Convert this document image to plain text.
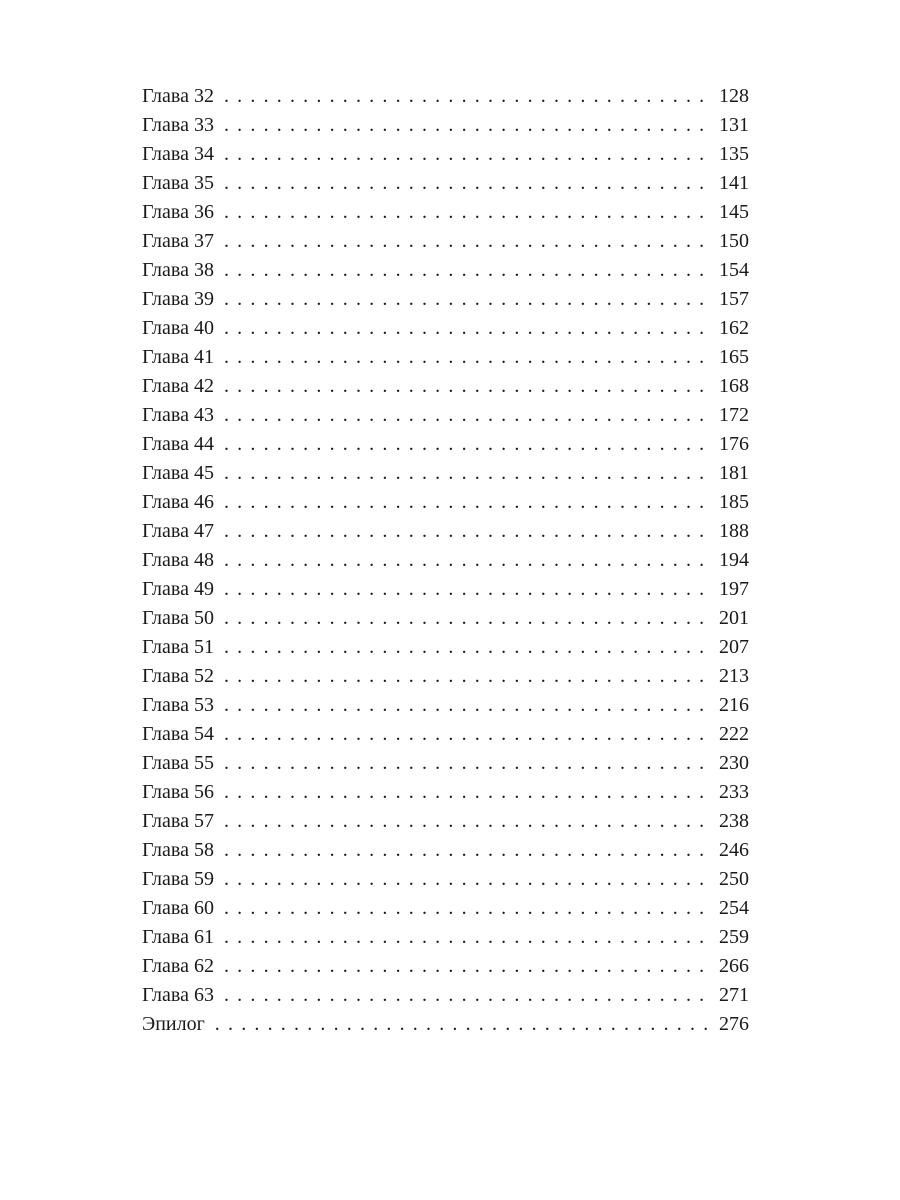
Глава 32 . . .	128
Глава 33 . . .	131
Глава 34 . . .	135
Глава 35 . . .	141
Глава 36 . . .	145
Глава 37 . . .	150
Глава 38 . . .	154
Глава 39 . . .	157
Глава 40 . . .	162
Глава 41 . . .	165
Глава 42 . . .	168
Глава 43 . . .	172
Глава 44 . . .	176
Глава 45 . . .	181
Глава 46 . . .	185
Глава 47 . . .	188
Глава 48 . . .	194
Глава 49 . . .	197
Глава 50 . . .	201
Глава 51 . . .	207
Глава 52 . . .	213
Глава 53 . . .	216
Глава 54 . . .	222
Глава 55 . . .	230
Глава 56 . . .	233
Глава 57 . . .	238
Глава 58 . . .	246
Глава 59 . . .	250
Глава 60 . . .	254
Глава 61 . . .	259
Глава 62 . . .	266
Глава 63 . . .	271
Эпилог . . .	276
